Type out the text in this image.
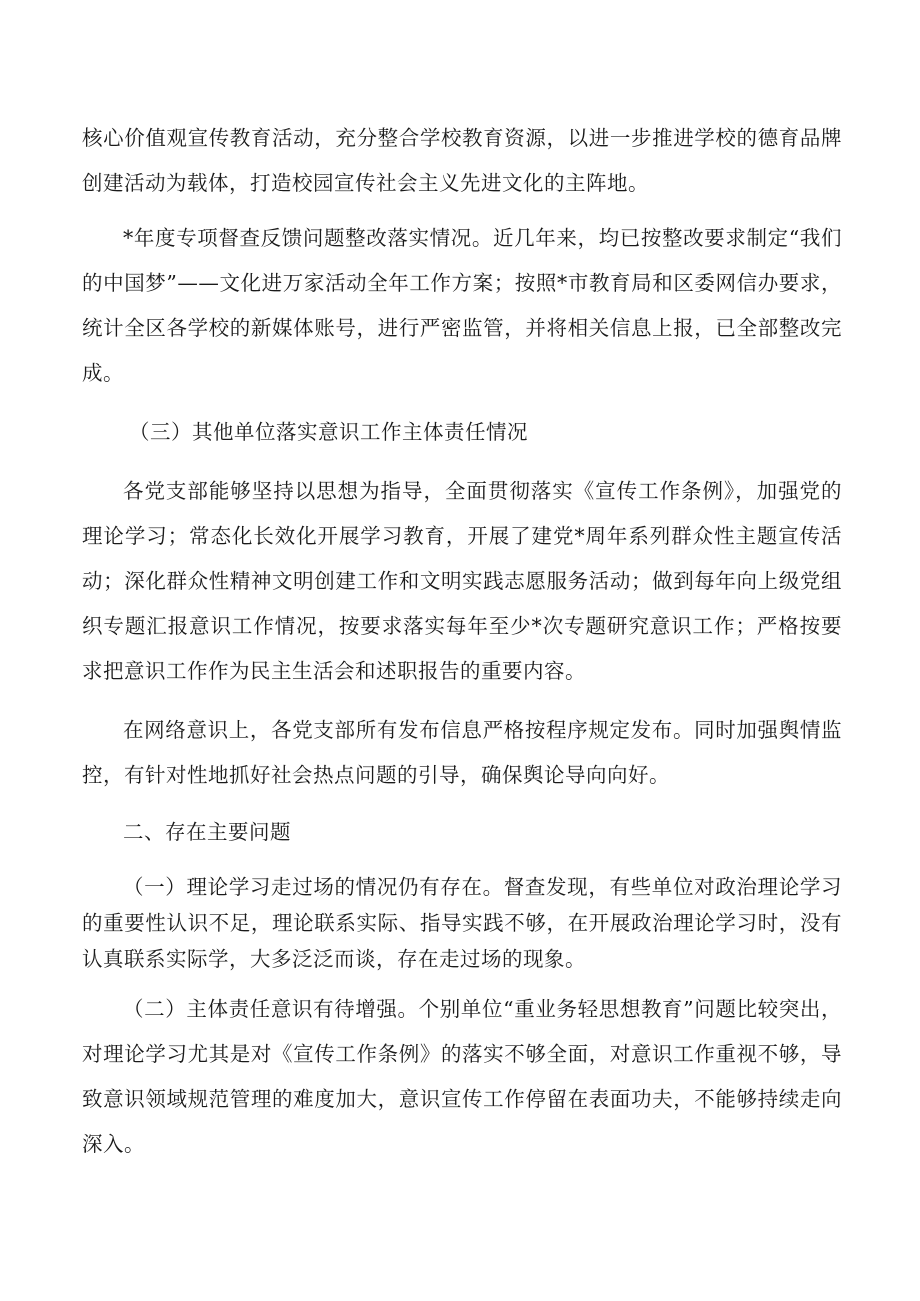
核心价值观宣传教育活动，充分整合学校教育资源，以进一步推进学校的德育品牌创建活动为载体，打造校园宣传社会主义先进文化的主阵地。

*年度专项督查反馈问题整改落实情况。近几年来，均已按整改要求制定“我们的中国梦”——文化进万家活动全年工作方案；按照*市教育局和区委网信办要求，统计全区各学校的新媒体账号，进行严密监管，并将相关信息上报，已全部整改完成。

（三）其他单位落实意识工作主体责任情况

各党支部能够坚持以思想为指导，全面贯彻落实《宣传工作条例》，加强党的理论学习；常态化长效化开展学习教育，开展了建党*周年系列群众性主题宣传活动；深化群众性精神文明创建工作和文明实践志愿服务活动；做到每年向上级党组织专题汇报意识工作情况，按要求落实每年至少*次专题研究意识工作；严格按要求把意识工作作为民主生活会和述职报告的重要内容。

在网络意识上，各党支部所有发布信息严格按程序规定发布。同时加强舆情监控，有针对性地抓好社会热点问题的引导，确保舆论导向向好。

二、存在主要问题

（一）理论学习走过场的情况仍有存在。督查发现，有些单位对政治理论学习的重要性认识不足，理论联系实际、指导实践不够，在开展政治理论学习时，没有认真联系实际学，大多泛泛而谈，存在走过场的现象。

（二）主体责任意识有待增强。个别单位“重业务轻思想教育”问题比较突出，对理论学习尤其是对《宣传工作条例》的落实不够全面，对意识工作重视不够，导致意识领域规范管理的难度加大，意识宣传工作停留在表面功夫，不能够持续走向深入。
